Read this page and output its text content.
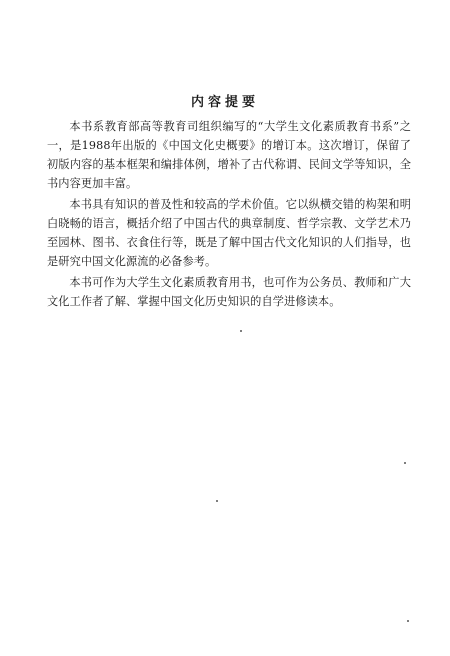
内容提要

本书系教育部高等教育司组织编写的“大学生文化素质教育书系”之一，是1988年出版的《中国文化史概要》的增订本。这次增订，保留了初版内容的基本框架和编排体例，增补了古代称谓、民间文学等知识，全书内容更加丰富。

本书具有知识的普及性和较高的学术价值。它以纵横交错的构架和明白晓畅的语言，概括介绍了中国古代的典章制度、哲学宗教、文学艺术乃至园林、图书、衣食住行等，既是了解中国古代文化知识的人们指导，也是研究中国文化源流的必备参考。

本书可作为大学生文化素质教育用书，也可作为公务员、教师和广大文化工作者了解、掌握中国文化历史知识的自学进修读本。
